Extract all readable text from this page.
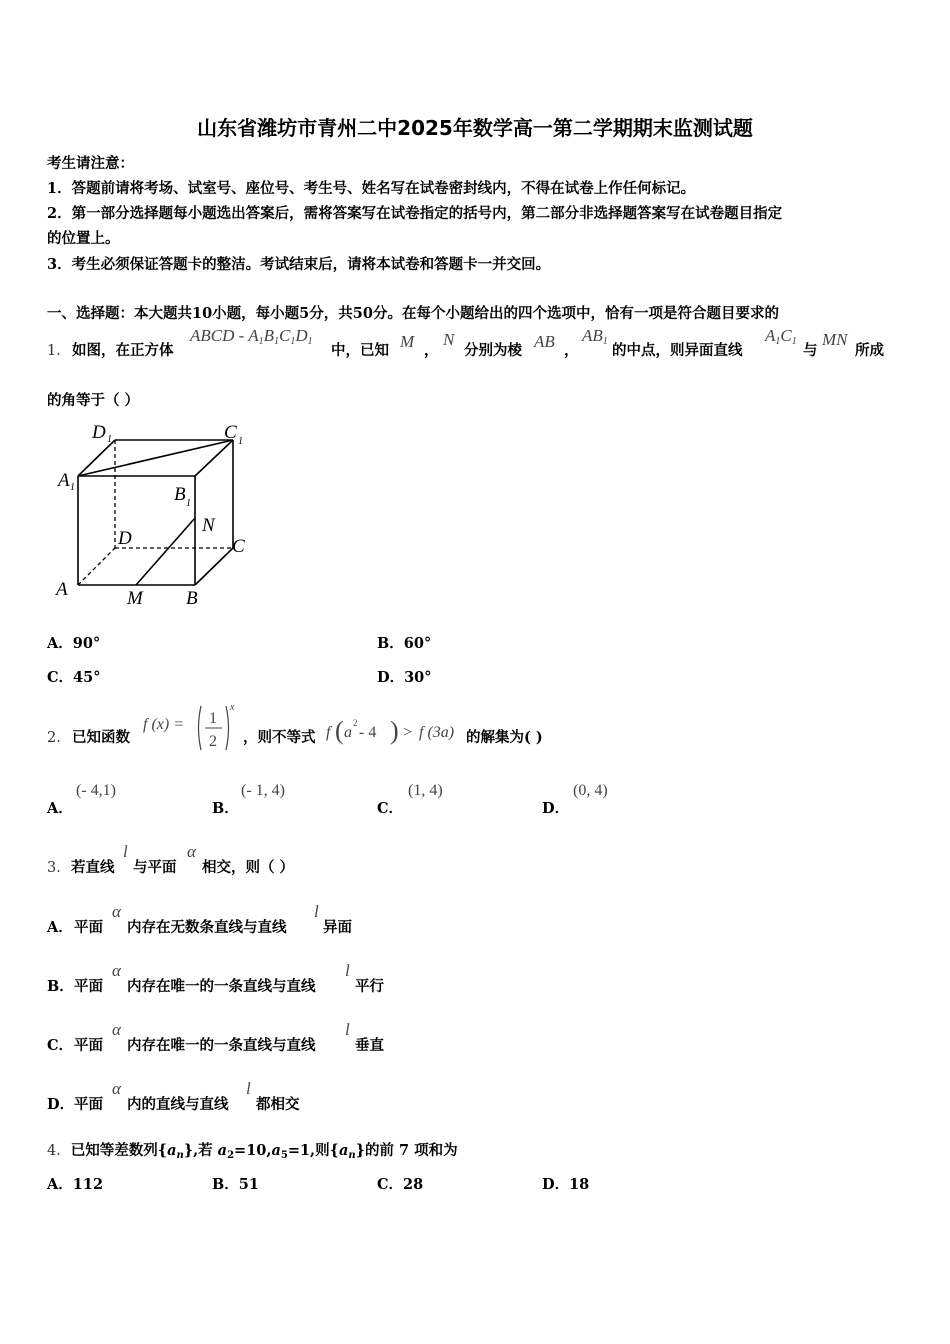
山东省潍坊市青州二中2025年数学高一第二学期期末监测试题
考生请注意：
1．答题前请将考场、试室号、座位号、考生号、姓名写在试卷密封线内，不得在试卷上作任何标记。
2．第一部分选择题每小题选出答案后，需将答案写在试卷指定的括号内，第二部分非选择题答案写在试卷题目指定
的位置上。
3．考生必须保证答题卡的整洁。考试结束后，请将本试卷和答题卡一并交回。
一、选择题：本大题共10小题，每小题5分，共50分。在每个小题给出的四个选项中，恰有一项是符合题目要求的
1． 如图，在正方体
ABCD - $A_1B_1C_1D_1$
中，已知 M ，
N
分别为棱 AB ，
$AB_1$
的中点，则异面直线
$A_1C_1$
与
MN
所成
的角等于（ ）
D 1	C 1
A 1	B 1
N
D	C
A	M B
A．90°	B．60°
C．45°	D．30°
2． 已知函数
f (x) = 1
2
x
，则不等式 f ( a
2
- 4 ) > f (3a) 的解集为( )
A．
(- 4,1)
B．
(- 1, 4)
C．
(1, 4)
D．
(0, 4)
3． 若直线
l
与平面
α
相交，则（ ）
A． 平面
α
内存在无数条直线与直线
l
异面
B． 平面
α
内存在唯一的一条直线与直线
l
平行
C． 平面
α
内存在唯一的一条直线与直线
l
垂直
D． 平面
α
内的直线与直线
l
都相交
4．已知等差数列$\{a_n\}$,若 $a_2=10,a_5=1$,则$\{a_n\}$的前 7 项和为
A．112	B．51	C．28	D．18
